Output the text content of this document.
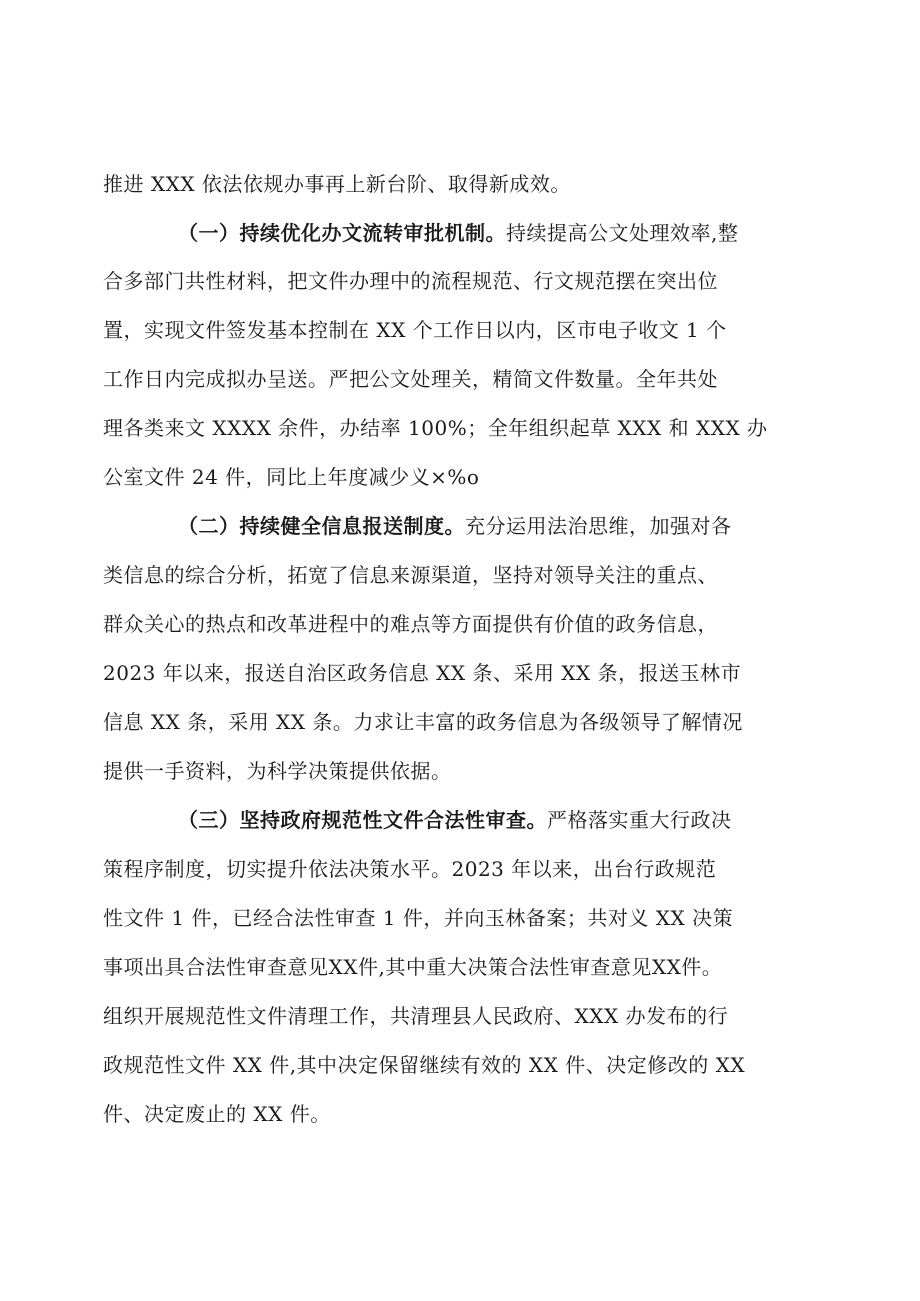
推进 XXX 依法依规办事再上新台阶、取得新成效。
（一）持续优化办文流转审批机制。持续提高公文处理效率,整
合多部门共性材料，把文件办理中的流程规范、行文规范摆在突出位
置，实现文件签发基本控制在 XX 个工作日以内，区市电子收文 1 个
工作日内完成拟办呈送。严把公文处理关，精简文件数量。全年共处
理各类来文 XXXX 余件，办结率 100%；全年组织起草 XXX 和 XXX 办
公室文件 24 件，同比上年度减少义×%o
（二）持续健全信息报送制度。充分运用法治思维，加强对各
类信息的综合分析，拓宽了信息来源渠道，坚持对领导关注的重点、
群众关心的热点和改革进程中的难点等方面提供有价值的政务信息，
2023 年以来，报送自治区政务信息 XX 条、采用 XX 条，报送玉林市
信息 XX 条，采用 XX 条。力求让丰富的政务信息为各级领导了解情况
提供一手资料，为科学决策提供依据。
（三）坚持政府规范性文件合法性审查。严格落实重大行政决
策程序制度，切实提升依法决策水平。2023 年以来，出台行政规范
性文件 1 件，已经合法性审查 1 件，并向玉林备案；共对义 XX 决策
事项出具合法性审查意见XX件,其中重大决策合法性审查意见XX件。
组织开展规范性文件清理工作，共清理县人民政府、XXX 办发布的行
政规范性文件 XX 件,其中决定保留继续有效的 XX 件、决定修改的 XX
件、决定废止的 XX 件。
